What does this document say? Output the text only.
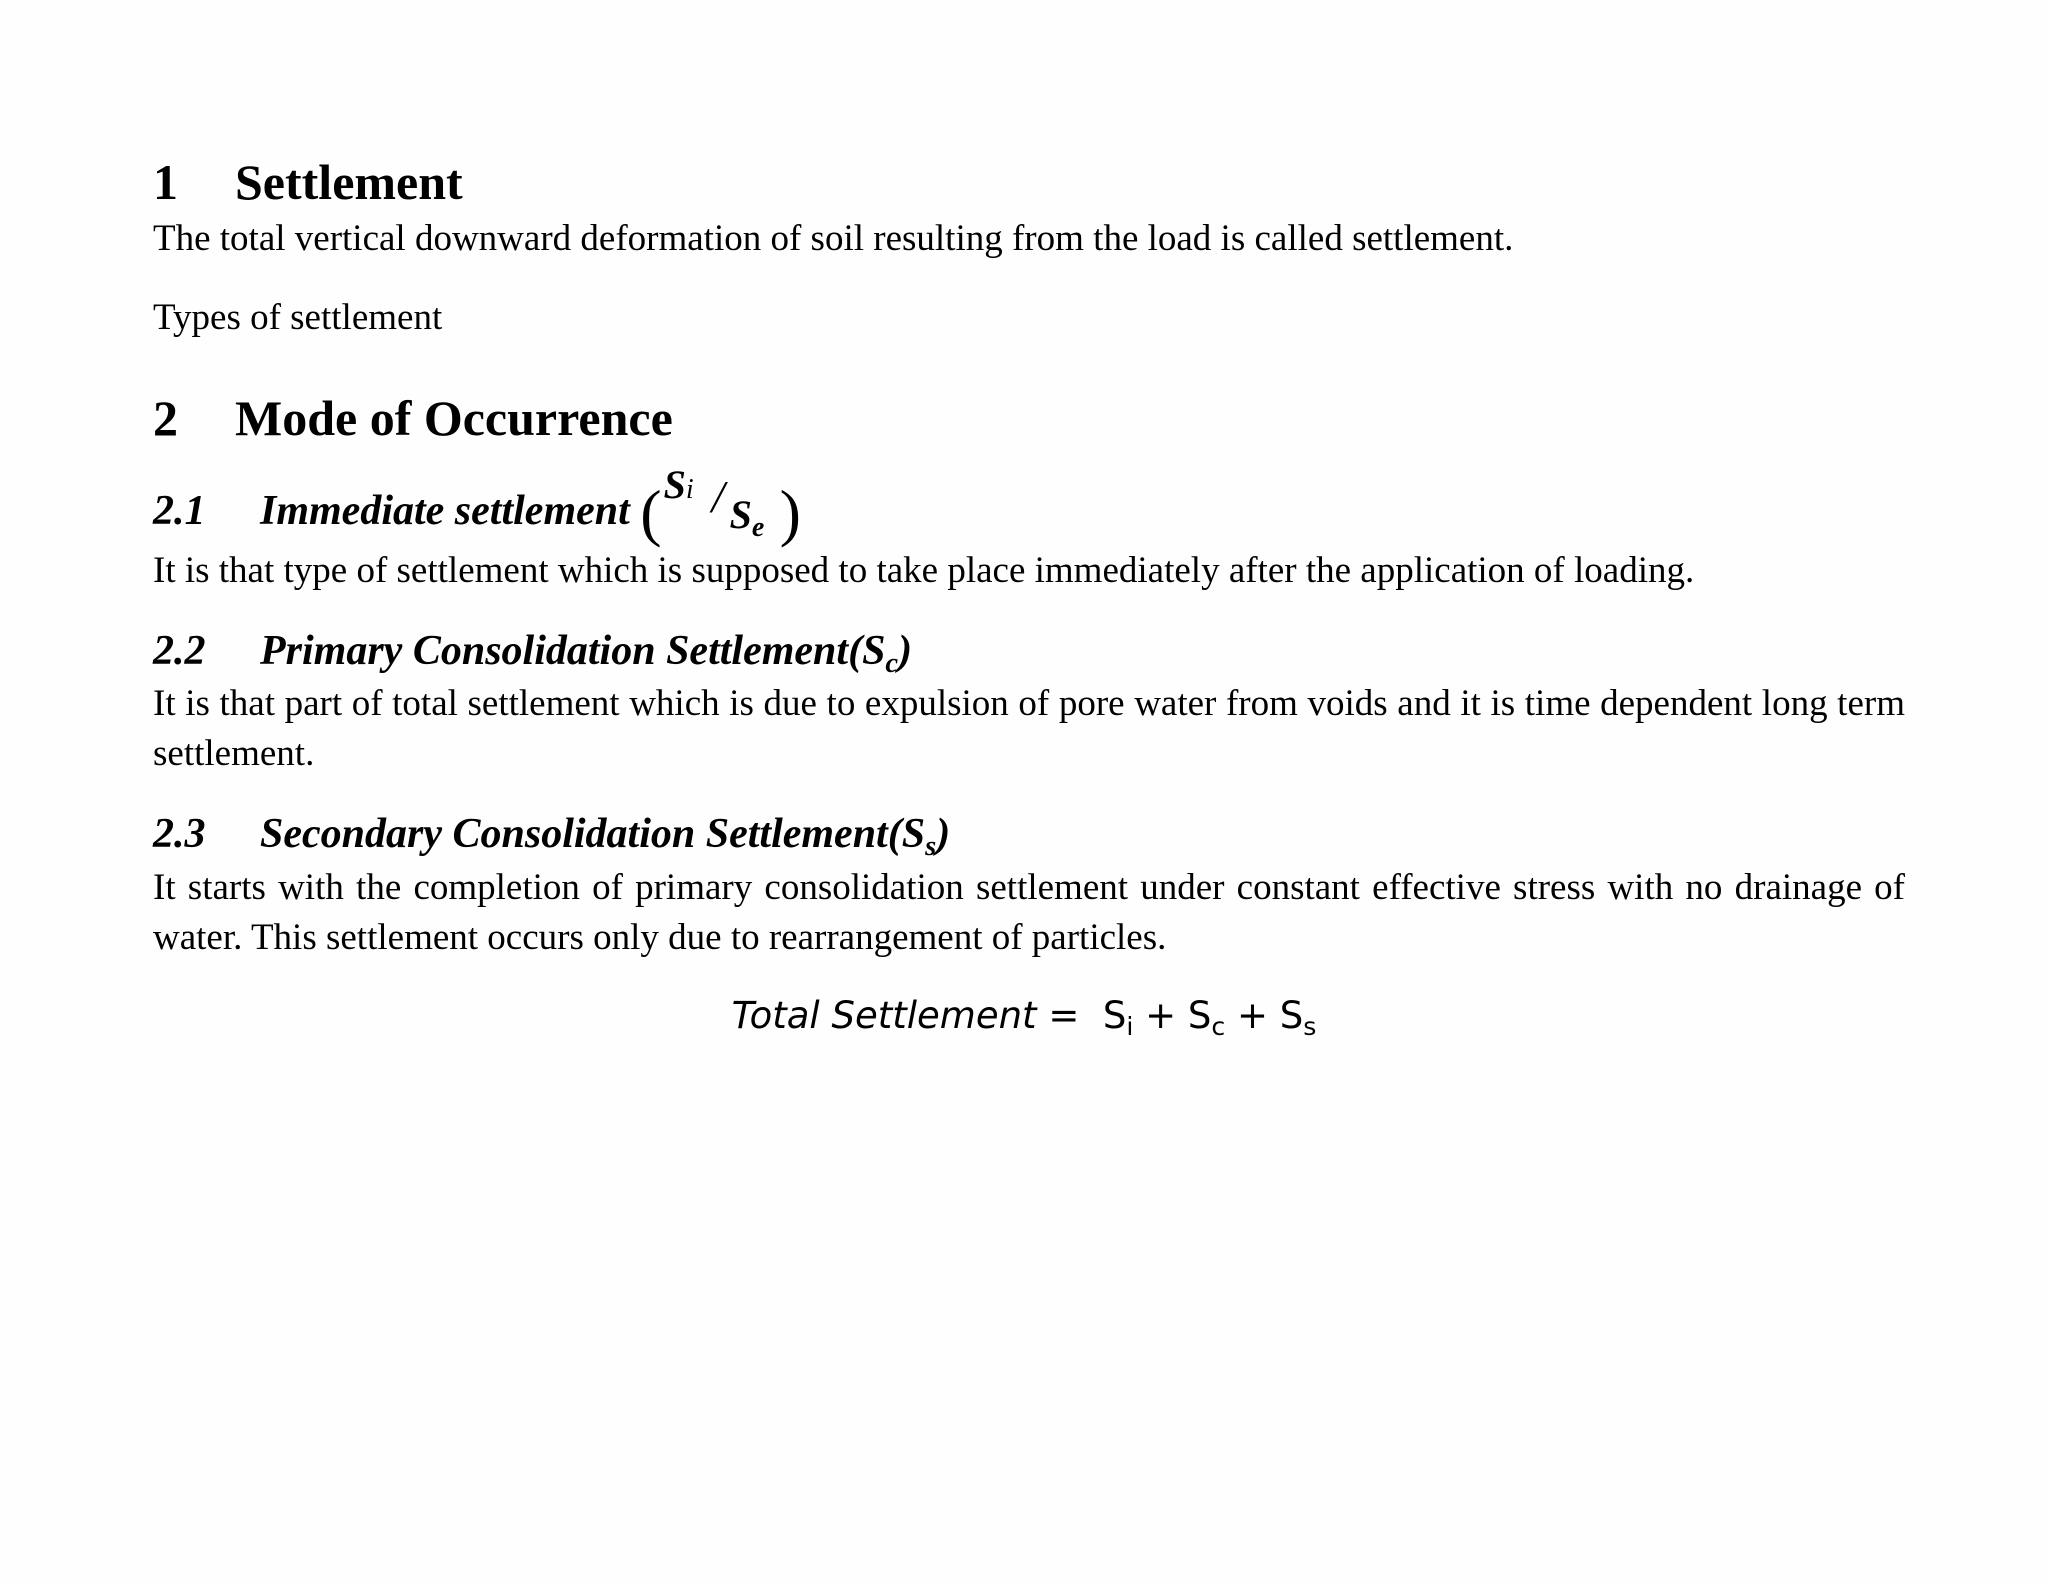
1 Settlement
The total vertical downward deformation of soil resulting from the load is called settlement.
Types of settlement
2 Mode of Occurrence
2.1 Immediate settlement ( Si / $S_e$ )
It is that type of settlement which is supposed to take place immediately after the application of loading.
2.2 Primary Consolidation $Settlement(S_c)$
It is that part of total settlement which is due to expulsion of pore water from voids and it is time dependent long term settlement.
2.3 Secondary Consolidation $Settlement(S_s)$
It starts with the completion of primary consolidation settlement under constant effective stress with no drainage of water. This settlement occurs only due to rearrangement of particles.
Total Settlement = $S_i + S_c + S_s$
